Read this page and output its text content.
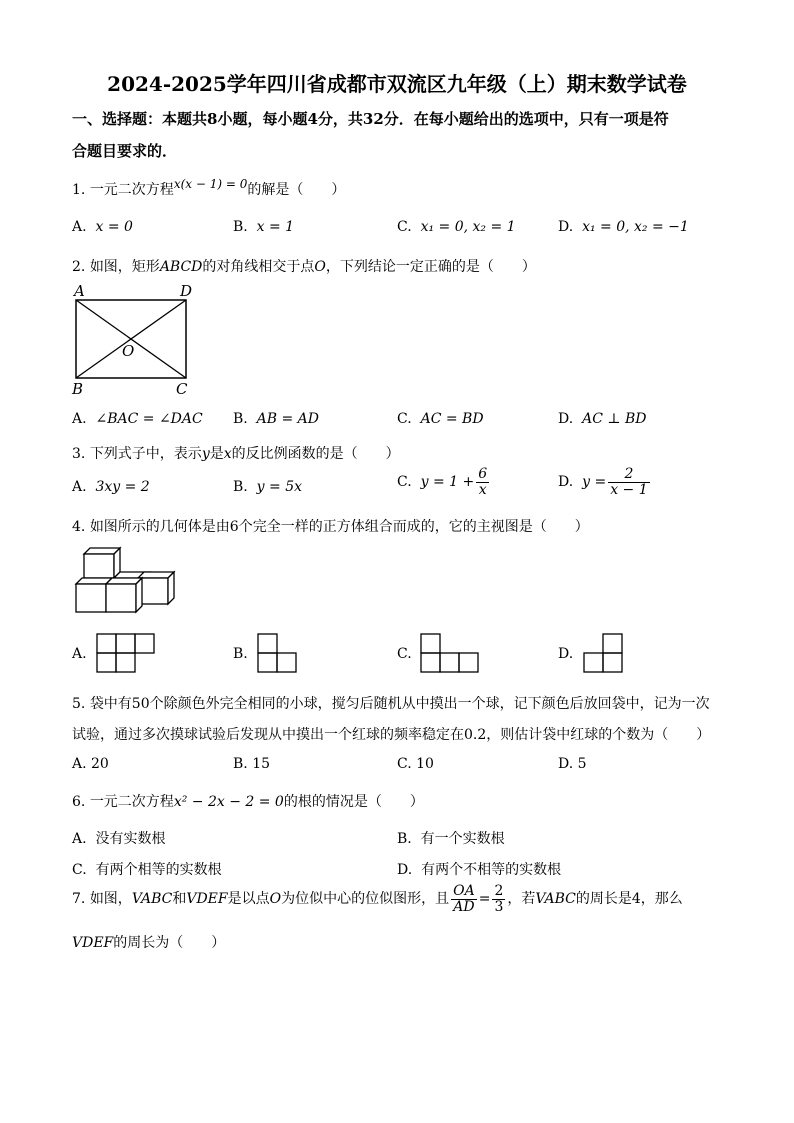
2024-2025学年四川省成都市双流区九年级（上）期末数学试卷
一、选择题：本题共8小题，每小题4分，共32分．在每小题给出的选项中，只有一项是符
合题目要求的．
1. 一元二次方程x(x − 1) = 0的解是（　　）
A. x = 0	B. x = 1	C. x₁ = 0, x₂ = 1	D. x₁ = 0, x₂ = −1
2. 如图，矩形ABCD的对角线相交于点O，下列结论一定正确的是（　　）
A	D
B	C
O
A. ∠BAC = ∠DAC B. AB = AD	C. AC = BD	D. AC ⊥ BD
3. 下列式子中，表示y是x的反比例函数的是（　　）
A. 3xy = 2	B. y = 5x	C. $y = 1 + \frac{6}{x}$	D. $y = \frac{2}{x - 1}$
4. 如图所示的几何体是由6个完全一样的正方体组合而成的，它的主视图是（　　）
A.	B.	C.	D.
5. 袋中有50个除颜色外完全相同的小球，搅匀后随机从中摸出一个球，记下颜色后放回袋中，记为一次
试验，通过多次摸球试验后发现从中摸出一个红球的频率稳定在0.2，则估计袋中红球的个数为（　　）
A. 20	B. 15	C. 10	D. 5
6. 一元二次方程x² − 2x − 2 = 0的根的情况是（　　）
A. 没有实数根	B. 有一个实数根
C. 有两个相等的实数根	D. 有两个不相等的实数根
7. 如图，VABC和VDEF是以点O为位似中心的位似图形，且 $\frac{OA}{AD} = \frac{2}{3}$ ，若VABC的周长是4，那么
VDEF的周长为（　　）
